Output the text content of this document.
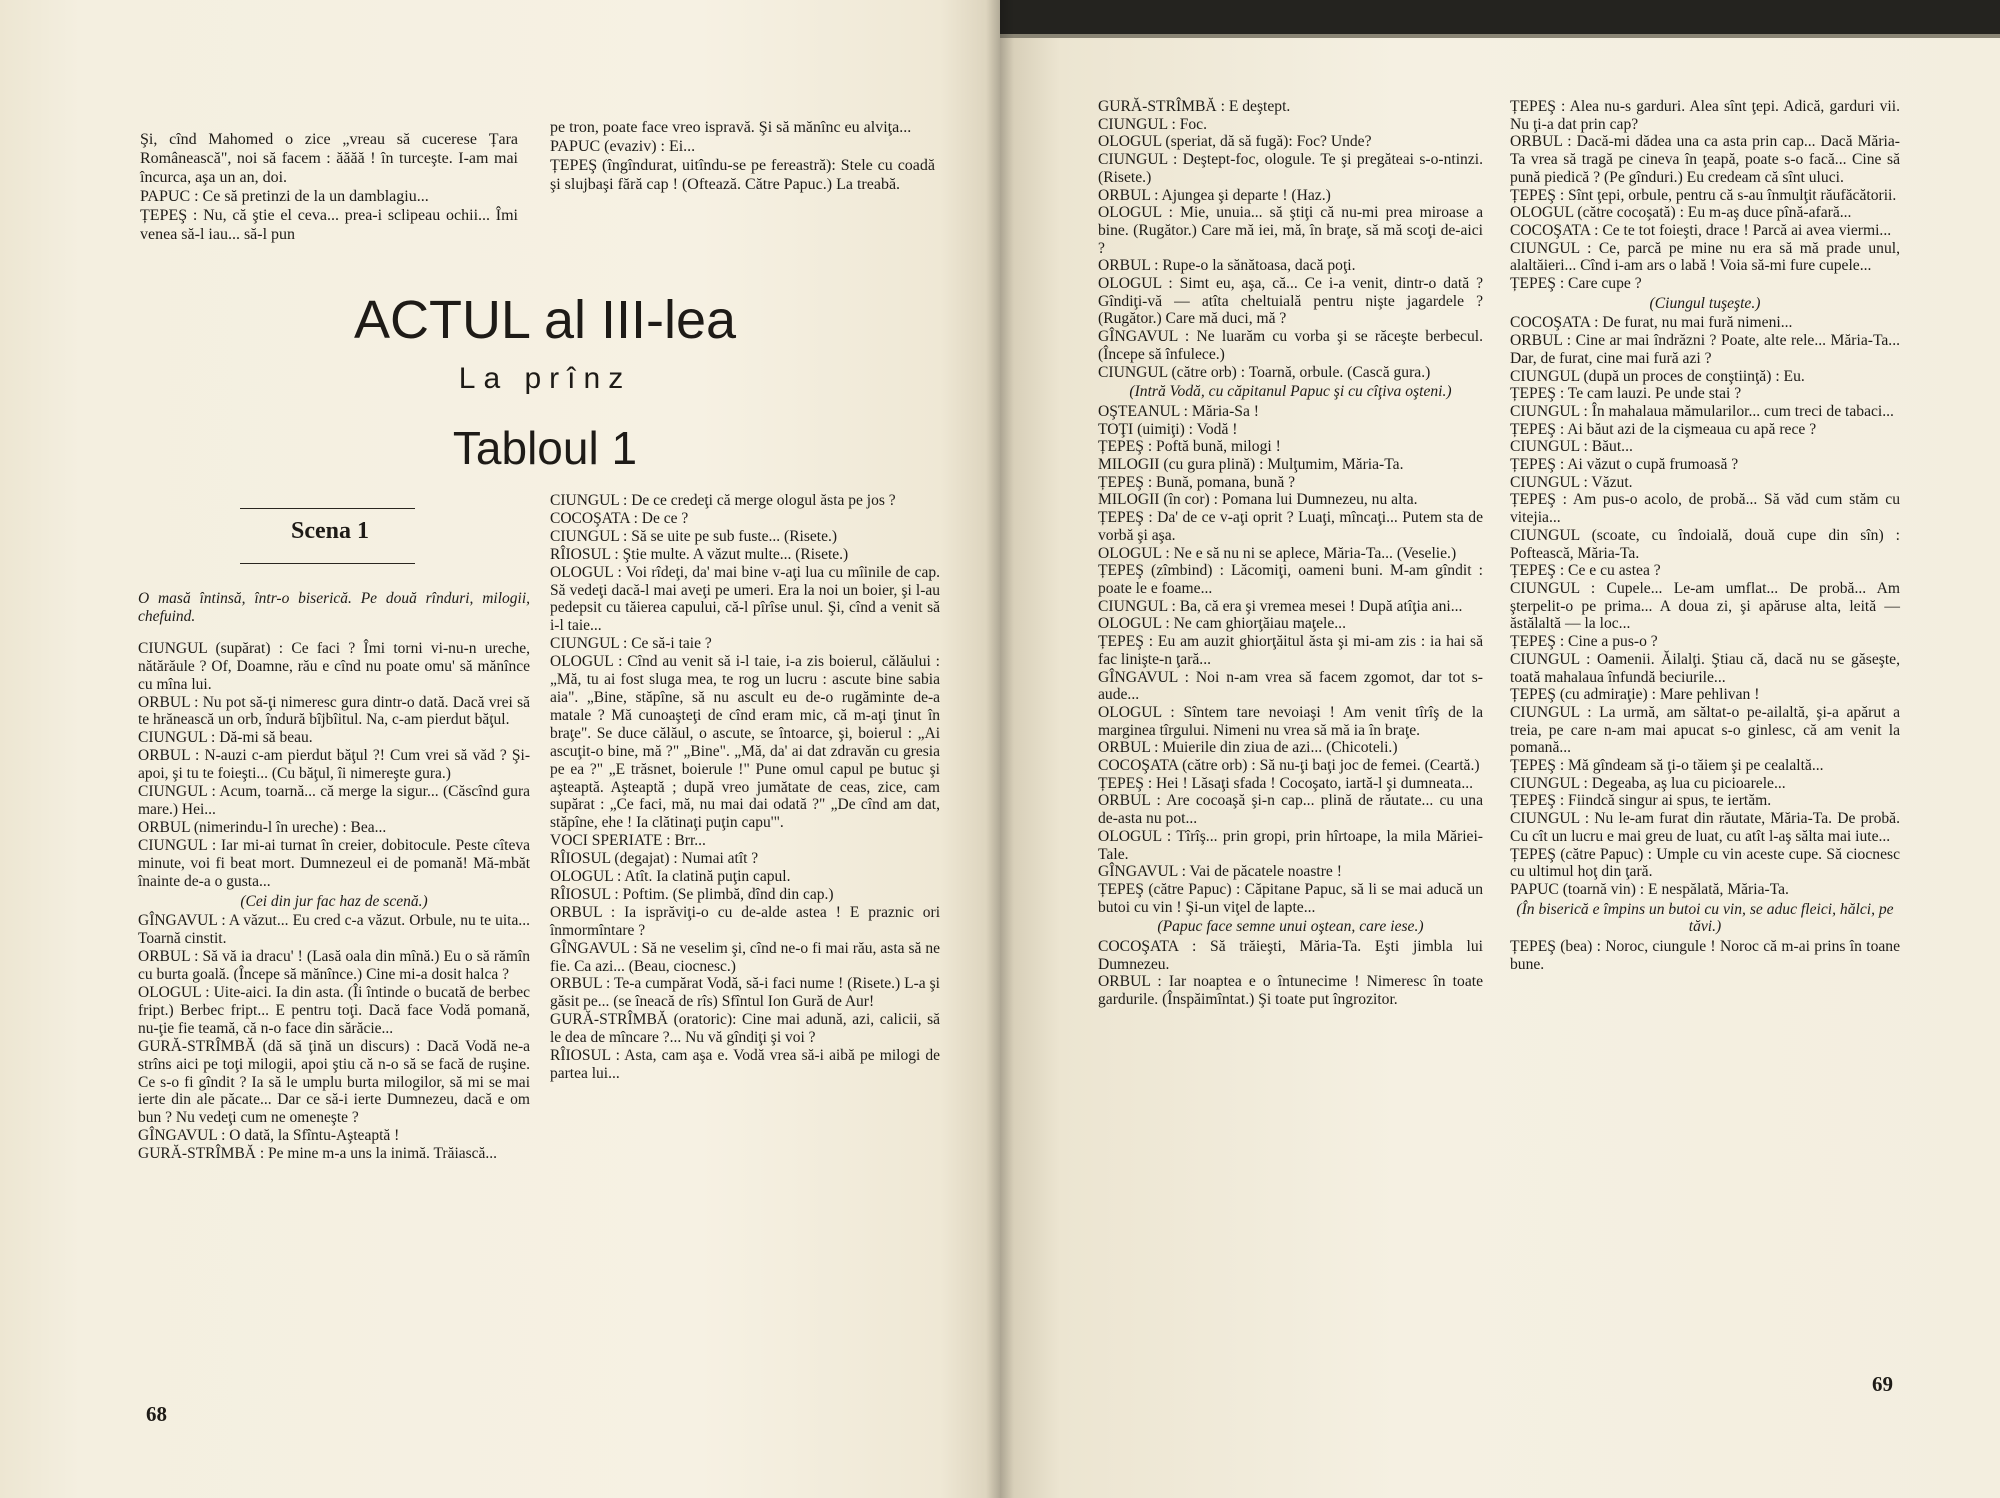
Şi, cînd Mahomed o zice „vreau să cucerese Țara Românească", noi să facem : ăăăă ! în turceşte. I-am mai încurca, aşa un an, doi.

PAPUC : Ce să pretinzi de la un damblagiu...

ȚEPEŞ : Nu, că ştie el ceva... prea-i sclipeau ochii... Îmi venea să-l iau... să-l pun

pe tron, poate face vreo ispravă. Şi să mănînc eu alviţa...

PAPUC (evaziv) : Ei...

ȚEPEŞ (îngîndurat, uitîndu-se pe fereastră): Stele cu coadă şi slujbaşi fără cap ! (Oftează. Către Papuc.) La treabă.

ACTUL al III-lea
La prînz
Tabloul 1
Scena 1

O masă întinsă, într-o biserică. Pe două rînduri, milogii, chefuind.

CIUNGUL (supărat) : Ce faci ? Îmi torni vi-nu-n ureche, nătărăule ? Of, Doamne, rău e cînd nu poate omu' să mănînce cu mîna lui.

ORBUL : Nu pot să-ţi nimeresc gura dintr-o dată. Dacă vrei să te hrănească un orb, îndură bîjbîitul. Na, c-am pierdut băţul.

CIUNGUL : Dă-mi să beau.

ORBUL : N-auzi c-am pierdut băţul ?! Cum vrei să văd ? Şi-apoi, şi tu te foieşti... (Cu băţul, îi nimereşte gura.)

CIUNGUL : Acum, toarnă... că merge la sigur... (Căscînd gura mare.) Hei...

ORBUL (nimerindu-l în ureche) : Bea...

CIUNGUL : Iar mi-ai turnat în creier, dobitocule. Peste cîteva minute, voi fi beat mort. Dumnezeul ei de pomană! Mă-mbăt înainte de-a o gusta...

(Cei din jur fac haz de scenă.)

GÎNGAVUL : A văzut... Eu cred c-a văzut. Orbule, nu te uita... Toarnă cinstit.

ORBUL : Să vă ia dracu' ! (Lasă oala din mînă.) Eu o să rămîn cu burta goală. (Începe să mănînce.) Cine mi-a dosit halca ?

OLOGUL : Uite-aici. Ia din asta. (Îi întinde o bucată de berbec fript.) Berbec fript... E pentru toţi. Dacă face Vodă pomană, nu-ţie fie teamă, că n-o face din sărăcie...

GURĂ-STRÎMBĂ (dă să ţină un discurs) : Dacă Vodă ne-a strîns aici pe toţi milogii, apoi ştiu că n-o să se facă de ruşine. Ce s-o fi gîndit ? Ia să le umplu burta milogilor, să mi se mai ierte din ale păcate... Dar ce să-i ierte Dumnezeu, dacă e om bun ? Nu vedeţi cum ne omeneşte ?

GÎNGAVUL : O dată, la Sfîntu-Aşteaptă !

GURĂ-STRÎMBĂ : Pe mine m-a uns la inimă. Trăiască...

CIUNGUL : De ce credeţi că merge ologul ăsta pe jos ?

COCOŞATA : De ce ?

CIUNGUL : Să se uite pe sub fuste... (Risete.)

RÎIOSUL : Ştie multe. A văzut multe... (Risete.)

OLOGUL : Voi rîdeţi, da' mai bine v-aţi lua cu mîinile de cap. Să vedeţi dacă-l mai aveţi pe umeri. Era la noi un boier, şi l-au pedepsit cu tăierea capului, că-l pîrîse unul. Şi, cînd a venit să i-l taie...

CIUNGUL : Ce să-i taie ?

OLOGUL : Cînd au venit să i-l taie, i-a zis boierul, călăului : „Mă, tu ai fost sluga mea, te rog un lucru : ascute bine sabia aia". „Bine, stăpîne, să nu ascult eu de-o rugăminte de-a matale ? Mă cunoaşteţi de cînd eram mic, că m-aţi ţinut în braţe". Se duce călăul, o ascute, se întoarce, şi, boierul : „Ai ascuţit-o bine, mă ?" „Bine". „Mă, da' ai dat zdravăn cu gresia pe ea ?" „E trăsnet, boierule !" Pune omul capul pe butuc şi aşteaptă. Aşteaptă ; după vreo jumătate de ceas, zice, cam supărat : „Ce faci, mă, nu mai dai odată ?" „De cînd am dat, stăpîne, ehe ! Ia clătinaţi puţin capu'".

VOCI SPERIATE : Brr...

RÎIOSUL (degajat) : Numai atît ?

OLOGUL : Atît. Ia clatină puţin capul.

RÎIOSUL : Poftim. (Se plimbă, dînd din cap.)

ORBUL : Ia isprăviţi-o cu de-alde astea ! E praznic ori înmormîntare ?

GÎNGAVUL : Să ne veselim şi, cînd ne-o fi mai rău, asta să ne fie. Ca azi... (Beau, ciocnesc.)

ORBUL : Te-a cumpărat Vodă, să-i faci nume ! (Risete.) L-a şi găsit pe... (se îneacă de rîs) Sfîntul Ion Gură de Aur!

GURĂ-STRÎMBĂ (oratoric): Cine mai adună, azi, calicii, să le dea de mîncare ?... Nu vă gîndiţi şi voi ?

RÎIOSUL : Asta, cam aşa e. Vodă vrea să-i aibă pe milogi de partea lui...

68

GURĂ-STRÎMBĂ : E deştept.

CIUNGUL : Foc.

OLOGUL (speriat, dă să fugă): Foc? Unde?

CIUNGUL : Deştept-foc, ologule. Te şi pregăteai s-o-ntinzi. (Risete.)

ORBUL : Ajungea şi departe ! (Haz.)

OLOGUL : Mie, unuia... să ştiţi că nu-mi prea miroase a bine. (Rugător.) Care mă iei, mă, în braţe, să mă scoţi de-aici ?

ORBUL : Rupe-o la sănătoasa, dacă poţi.

OLOGUL : Simt eu, aşa, că... Ce i-a venit, dintr-o dată ? Gîndiţi-vă — atîta cheltuială pentru nişte jagardele ? (Rugător.) Care mă duci, mă ?

GÎNGAVUL : Ne luarăm cu vorba şi se răceşte berbecul. (Începe să înfulece.)

CIUNGUL (către orb) : Toarnă, orbule. (Cască gura.)

(Intră Vodă, cu căpitanul Papuc şi cu cîţiva oşteni.)

OŞTEANUL : Măria-Sa !

TOŢI (uimiţi) : Vodă !

ȚEPEŞ : Poftă bună, milogi !

MILOGII (cu gura plină) : Mulţumim, Măria-Ta.

ȚEPEŞ : Bună, pomana, bună ?

MILOGII (în cor) : Pomana lui Dumnezeu, nu alta.

ȚEPEŞ : Da' de ce v-aţi oprit ? Luaţi, mîncaţi... Putem sta de vorbă şi aşa.

OLOGUL : Ne e să nu ni se aplece, Măria-Ta... (Veselie.)

ȚEPEŞ (zîmbind) : Lăcomiţi, oameni buni. M-am gîndit : poate le e foame...

CIUNGUL : Ba, că era şi vremea mesei ! După atîţia ani...

OLOGUL : Ne cam ghiorţăiau maţele...

ȚEPEŞ : Eu am auzit ghiorţăitul ăsta şi mi-am zis : ia hai să fac linişte-n ţară...

GÎNGAVUL : Noi n-am vrea să facem zgomot, dar tot s-aude...

OLOGUL : Sîntem tare nevoiaşi ! Am venit tîrîş de la marginea tîrgului. Nimeni nu vrea să mă ia în braţe.

ORBUL : Muierile din ziua de azi... (Chicoteli.)

COCOŞATA (către orb) : Să nu-ţi baţi joc de femei. (Ceartă.)

ȚEPEŞ : Hei ! Lăsaţi sfada ! Cocoşato, iartă-l şi dumneata...

ORBUL : Are cocoaşă şi-n cap... plină de răutate... cu una de-asta nu pot...

OLOGUL : Tîrîş... prin gropi, prin hîrtoape, la mila Măriei-Tale.

GÎNGAVUL : Vai de păcatele noastre !

ȚEPEŞ (către Papuc) : Căpitane Papuc, să li se mai aducă un butoi cu vin ! Şi-un viţel de lapte...

(Papuc face semne unui oştean, care iese.)

COCOŞATA : Să trăieşti, Măria-Ta. Eşti jimbla lui Dumnezeu.

ORBUL : Iar noaptea e o întunecime ! Nimeresc în toate gardurile. (Înspăimîntat.) Şi toate put îngrozitor.

ȚEPEŞ : Alea nu-s garduri. Alea sînt ţepi. Adică, garduri vii. Nu ţi-a dat prin cap?

ORBUL : Dacă-mi dădea una ca asta prin cap... Dacă Măria-Ta vrea să tragă pe cineva în ţeapă, poate s-o facă... Cine să pună piedică ? (Pe gînduri.) Eu credeam că sînt uluci.

ȚEPEŞ : Sînt ţepi, orbule, pentru că s-au înmulţit răufăcătorii.

OLOGUL (către cocoşată) : Eu m-aş duce pînă-afară...

COCOŞATA : Ce te tot foieşti, drace ! Parcă ai avea viermi...

CIUNGUL : Ce, parcă pe mine nu era să mă prade unul, alaltăieri... Cînd i-am ars o labă ! Voia să-mi fure cupele...

ȚEPEŞ : Care cupe ?

(Ciungul tuşeşte.)

COCOŞATA : De furat, nu mai fură nimeni...

ORBUL : Cine ar mai îndrăzni ? Poate, alte rele... Măria-Ta... Dar, de furat, cine mai fură azi ?

CIUNGUL (după un proces de conştiinţă) : Eu.

ȚEPEŞ : Te cam lauzi. Pe unde stai ?

CIUNGUL : În mahalaua mămularilor... cum treci de tabaci...

ȚEPEŞ : Ai băut azi de la cişmeaua cu apă rece ?

CIUNGUL : Băut...

ȚEPEŞ : Ai văzut o cupă frumoasă ?

CIUNGUL : Văzut.

ȚEPEŞ : Am pus-o acolo, de probă... Să văd cum stăm cu vitejia...

CIUNGUL (scoate, cu îndoială, două cupe din sîn) : Poftească, Măria-Ta.

ȚEPEŞ : Ce e cu astea ?

CIUNGUL : Cupele... Le-am umflat... De probă... Am şterpelit-o pe prima... A doua zi, şi apăruse alta, leită — ăstălaltă — la loc...

ȚEPEŞ : Cine a pus-o ?

CIUNGUL : Oamenii. Ăilalţi. Ştiau că, dacă nu se găseşte, toată mahalaua înfundă beciurile...

ȚEPEŞ (cu admiraţie) : Mare pehlivan !

CIUNGUL : La urmă, am săltat-o pe-ailaltă, şi-a apărut a treia, pe care n-am mai apucat s-o ginlesc, că am venit la pomană...

ȚEPEŞ : Mă gîndeam să ţi-o tăiem şi pe cealaltă...

CIUNGUL : Degeaba, aş lua cu picioarele...

ȚEPEŞ : Fiindcă singur ai spus, te iertăm.

CIUNGUL : Nu le-am furat din răutate, Măria-Ta. De probă. Cu cît un lucru e mai greu de luat, cu atît l-aş sălta mai iute...

ȚEPEŞ (către Papuc) : Umple cu vin aceste cupe. Să ciocnesc cu ultimul hoţ din ţară.

PAPUC (toarnă vin) : E nespălată, Măria-Ta.

(În biserică e împins un butoi cu vin, se aduc fleici, hălci, pe tăvi.)

ȚEPEŞ (bea) : Noroc, ciungule ! Noroc că m-ai prins în toane bune.

69
